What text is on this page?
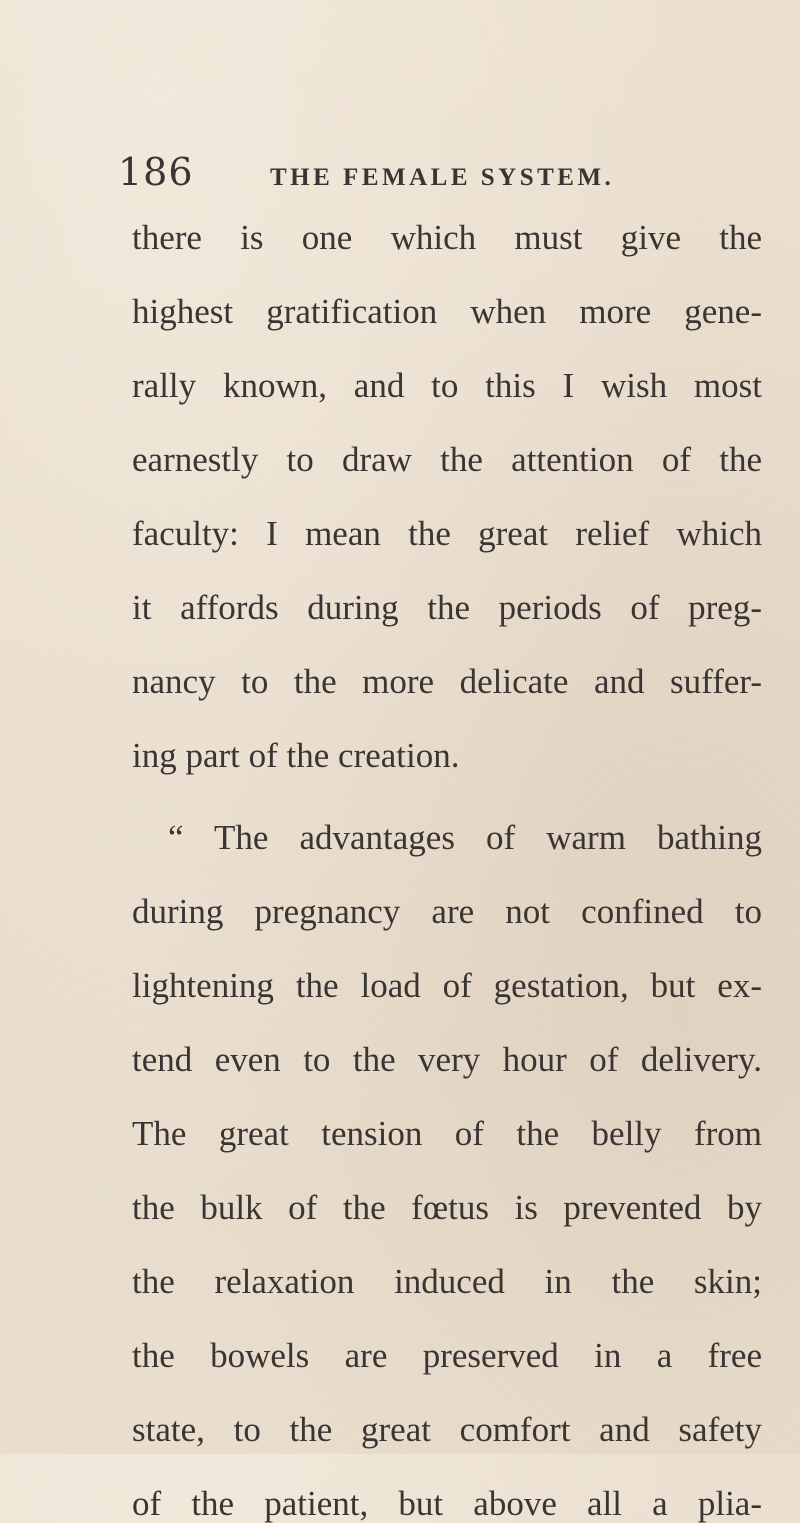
186	THE FEMALE SYSTEM.
there is one which must give the
highest gratification when more gene-
rally known, and to this I wish most
earnestly to draw the attention of the
faculty: I mean the great relief which
it affords during the periods of preg-
nancy to the more delicate and suffer-
ing part of the creation.
“ The advantages of warm bathing
during pregnancy are not confined to
lightening the load of gestation, but ex-
tend even to the very hour of delivery.
The great tension of the belly from
the bulk of the fœtus is prevented by
the relaxation induced in the skin;
the bowels are preserved in a free
state, to the great comfort and safety
of the patient, but above all a plia-
